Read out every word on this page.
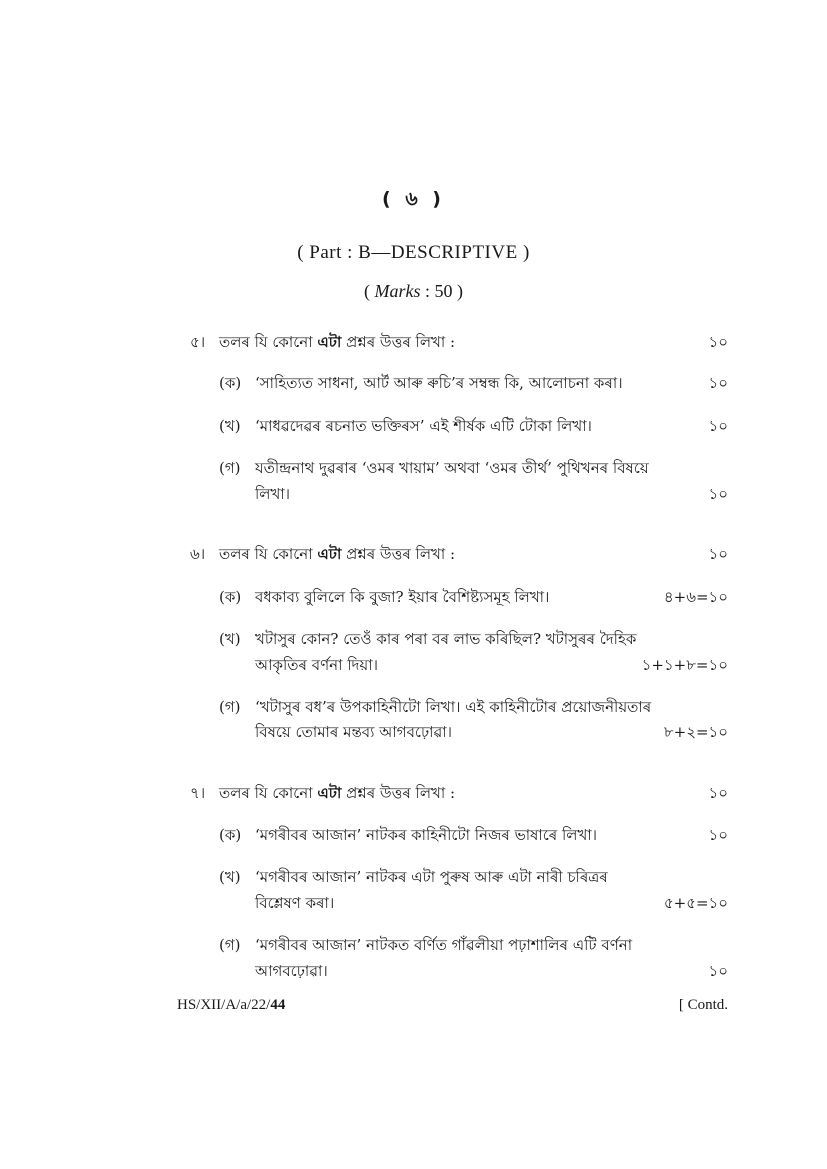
( ৬ )
( Part : B—DESCRIPTIVE )
( Marks : 50 )
৫। তলৰ যি কোনো এটা প্ৰশ্নৰ উত্তৰ লিখা :	১০
(ক) ‘সাহিত্যত সাধনা, আৰ্ট আৰু ৰুচি’ৰ সম্বন্ধ কি, আলোচনা কৰা।	১০
(খ) ‘মাধৱদেৱৰ ৰচনাত ভক্তিৰস’ এই শীৰ্ষক এটি টোকা লিখা।	১০
(গ) যতীন্দ্ৰনাথ দুৱৰাৰ ‘ওমৰ খায়াম’ অথবা ‘ওমৰ তীৰ্থ’ পুথিখনৰ বিষয়ে
লিখা।	১০
৬। তলৰ যি কোনো এটা প্ৰশ্নৰ উত্তৰ লিখা :	১০
(ক) বধকাব্য বুলিলে কি বুজা? ইয়াৰ বৈশিষ্ট্যসমূহ লিখা।	৪+৬=১০
(খ) খটাসুৰ কোন? তেওঁ কাৰ পৰা বৰ লাভ কৰিছিল? খটাসুৰৰ দৈহিক
আকৃতিৰ বৰ্ণনা দিয়া।	১+১+৮=১০
(গ) ‘খটাসুৰ বধ’ৰ উপকাহিনীটো লিখা। এই কাহিনীটোৰ প্ৰয়োজনীয়তাৰ
বিষয়ে তোমাৰ মন্তব্য আগবঢ়োৱা।	৮+২=১০
৭। তলৰ যি কোনো এটা প্ৰশ্নৰ উত্তৰ লিখা :	১০
(ক) ‘মগৰীবৰ আজান’ নাটকৰ কাহিনীটো নিজৰ ভাষাৰে লিখা।	১০
(খ) ‘মগৰীবৰ আজান’ নাটকৰ এটা পুৰুষ আৰু এটা নাৰী চৰিত্ৰৰ
বিশ্লেষণ কৰা।	৫+৫=১০
(গ) ‘মগৰীবৰ আজান’ নাটকত বৰ্ণিত গাঁৱলীয়া পঢ়াশালিৰ এটি বৰ্ণনা
আগবঢ়োৱা।	১০
HS/XII/A/a/22/44	[ Contd.
